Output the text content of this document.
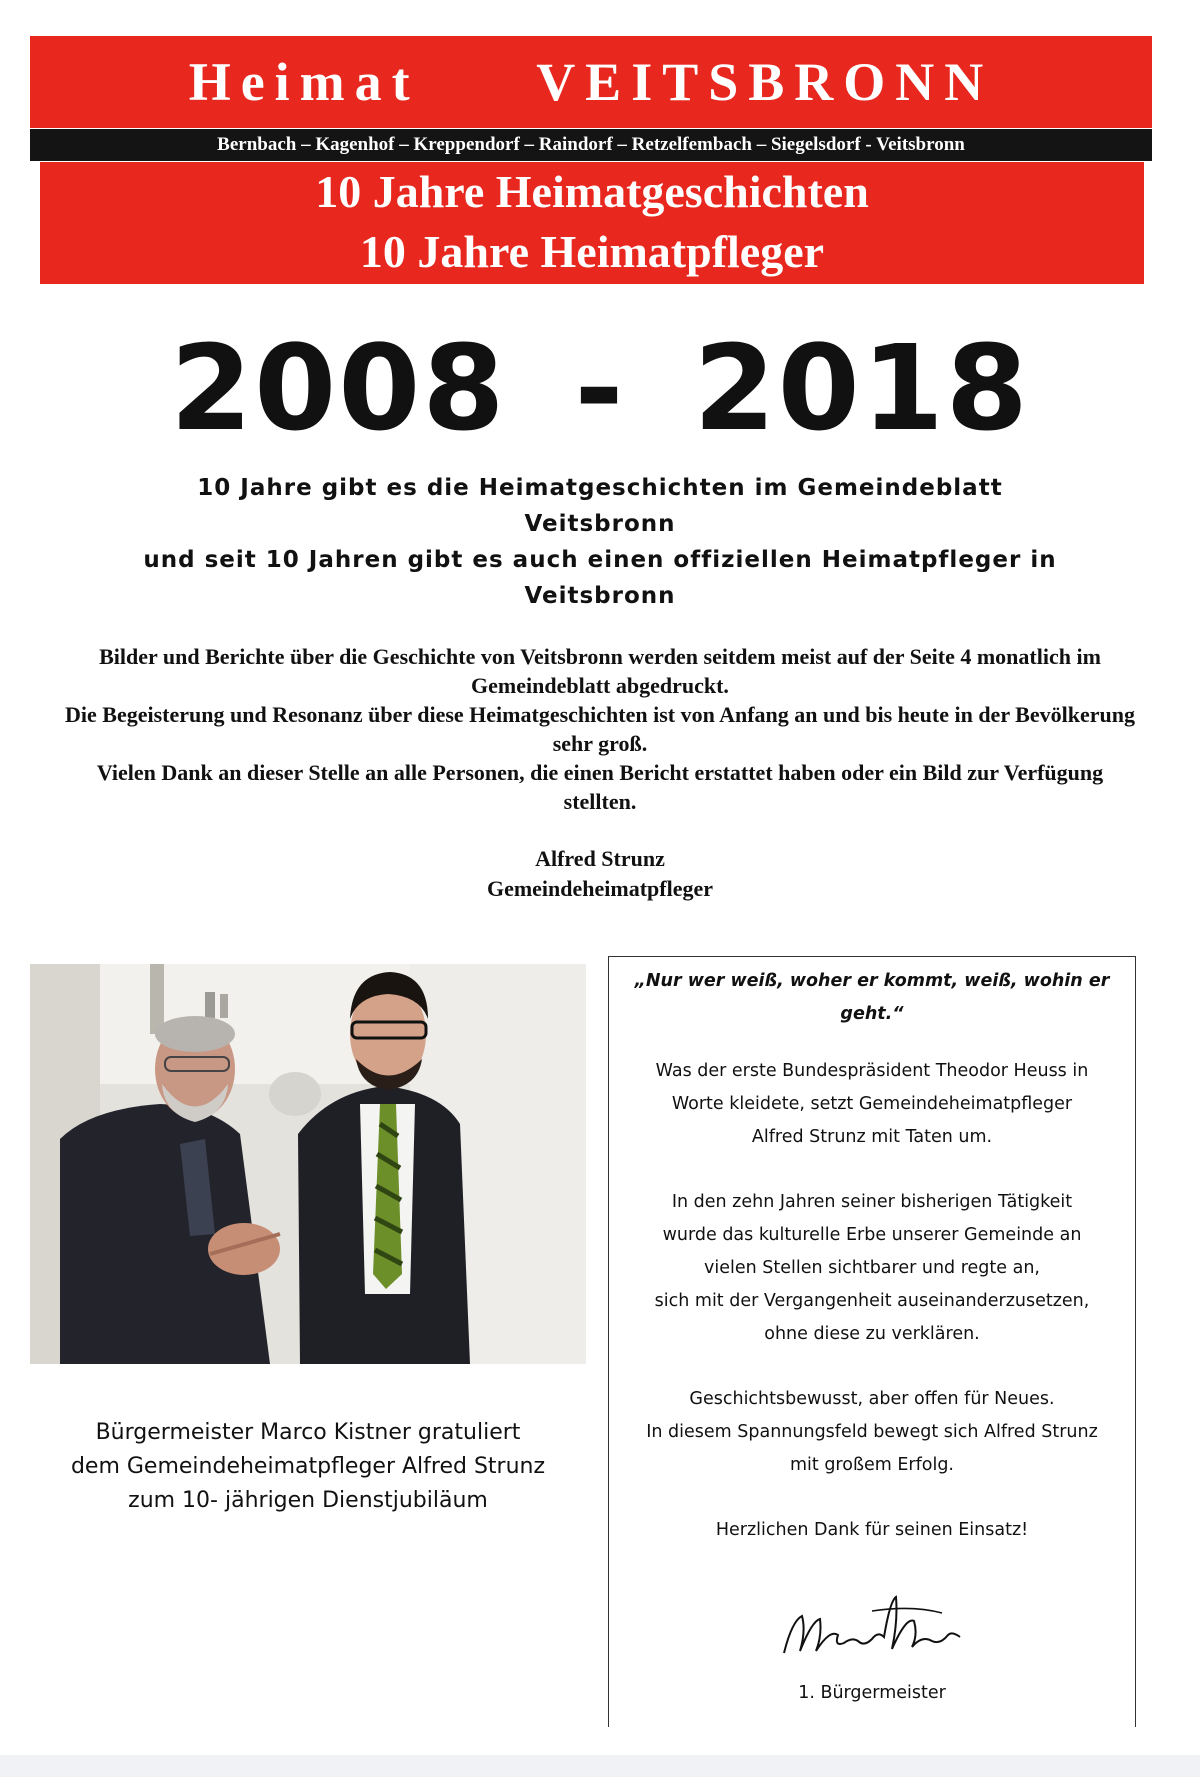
Heimat VEITSBRONN
Bernbach – Kagenhof – Kreppendorf – Raindorf – Retzelfembach – Siegelsdorf - Veitsbronn
10 Jahre Heimatgeschichten
10 Jahre Heimatpfleger
2008 - 2018
10 Jahre gibt es die Heimatgeschichten im Gemeindeblatt
Veitsbronn
und seit 10 Jahren gibt es auch einen offiziellen Heimatpfleger in
Veitsbronn

Bilder und Berichte über die Geschichte von Veitsbronn werden seitdem meist auf der Seite 4 monatlich im Gemeindeblatt abgedruckt.

Die Begeisterung und Resonanz über diese Heimatgeschichten ist von Anfang an und bis heute in der Bevölkerung sehr groß.

Vielen Dank an dieser Stelle an alle Personen, die einen Bericht erstattet haben oder ein Bild zur Verfügung stellten.

Alfred Strunz
Gemeindeheimatpfleger
Bürgermeister Marco Kistner gratuliert
dem Gemeindeheimatpfleger Alfred Strunz
zum 10- jährigen Dienstjubiläum

„Nur wer weiß, woher er kommt, weiß, wohin er geht.“

Was der erste Bundespräsident Theodor Heuss in

Worte kleidete, setzt Gemeindeheimatpfleger

Alfred Strunz mit Taten um.

In den zehn Jahren seiner bisherigen Tätigkeit

wurde das kulturelle Erbe unserer Gemeinde an

vielen Stellen sichtbarer und regte an,

sich mit der Vergangenheit auseinanderzusetzen,

ohne diese zu verklären.

Geschichtsbewusst, aber offen für Neues.

In diesem Spannungsfeld bewegt sich Alfred Strunz

mit großem Erfolg.

Herzlichen Dank für seinen Einsatz!

1. Bürgermeister
